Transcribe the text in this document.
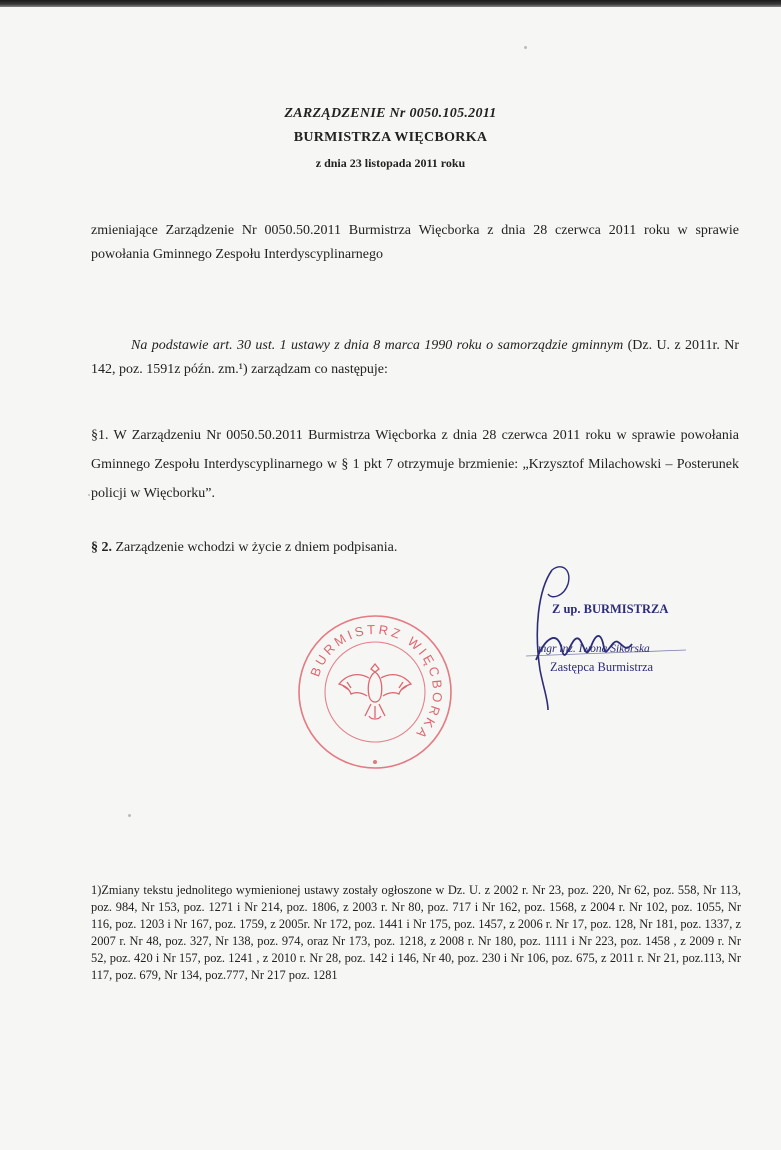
ZARZĄDZENIE Nr 0050.105.2011
BURMISTRZA WIĘCBORKA
z dnia 23 listopada 2011 roku
zmieniające Zarządzenie Nr 0050.50.2011 Burmistrza Więcborka z dnia 28 czerwca 2011 roku w sprawie powołania Gminnego Zespołu Interdyscyplinarnego
Na podstawie art. 30 ust. 1 ustawy z dnia 8 marca 1990 roku o samorządzie gminnym (Dz. U. z 2011r. Nr 142, poz. 1591z późn. zm.¹) zarządzam co następuje:
§1. W Zarządzeniu Nr 0050.50.2011 Burmistrza Więcborka z dnia 28 czerwca 2011 roku w sprawie powołania Gminnego Zespołu Interdyscyplinarnego w § 1 pkt 7 otrzymuje brzmienie: „Krzysztof Milachowski – Posterunek policji w Więcborku”.
§ 2. Zarządzenie wchodzi w życie z dniem podpisania.
BURMISTRZ WIĘCBORKA
Z up. BURMISTRZA
mgr inż. Iwona Sikorska
Zastępca Burmistrza
1)Zmiany tekstu jednolitego wymienionej ustawy zostały ogłoszone w Dz. U. z 2002 r. Nr 23, poz. 220, Nr 62, poz. 558, Nr 113, poz. 984, Nr 153, poz. 1271 i Nr 214, poz. 1806, z 2003 r. Nr 80, poz. 717 i Nr 162, poz. 1568, z 2004 r. Nr 102, poz. 1055, Nr 116, poz. 1203 i Nr 167, poz. 1759, z 2005r. Nr 172, poz. 1441 i Nr 175, poz. 1457, z 2006 r. Nr 17, poz. 128, Nr 181, poz. 1337, z 2007 r. Nr 48, poz. 327, Nr 138, poz. 974, oraz Nr 173, poz. 1218, z 2008 r. Nr 180, poz. 1111 i Nr 223, poz. 1458 , z 2009 r. Nr 52, poz. 420 i Nr 157, poz. 1241 , z 2010 r. Nr 28, poz. 142 i 146, Nr 40, poz. 230 i Nr 106, poz. 675, z 2011 r. Nr 21, poz.113, Nr 117, poz. 679, Nr 134, poz.777, Nr 217 poz. 1281
